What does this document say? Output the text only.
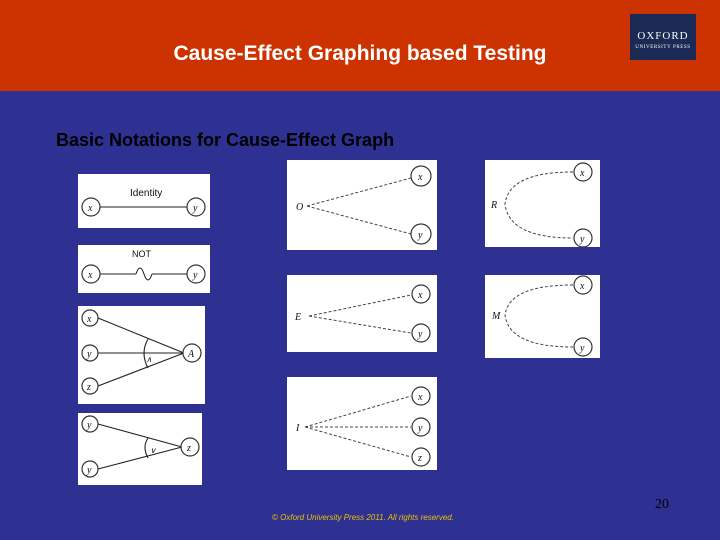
Cause-Effect Graphing based Testing
OXFORD
UNIVERSITY PRESS
Basic Notations for Cause-Effect Graph
x	y
Identity
x	y
NOT
x
y
z
A
∧
y
y
z
∨
O
x
y
E
x
y
I
x
y
z
R
x
y
M
x
y
20
© Oxford University Press 2011. All rights reserved.
